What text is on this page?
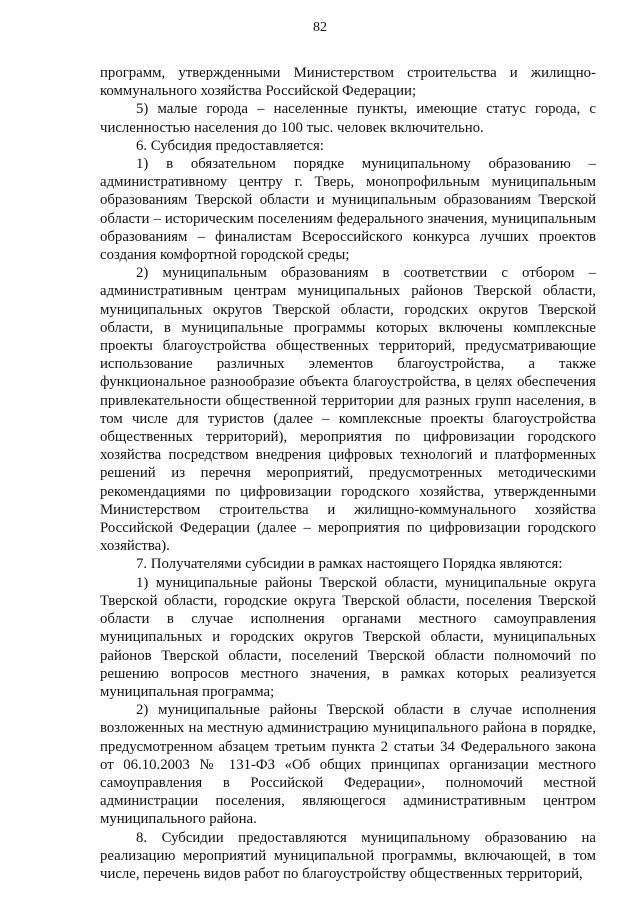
82

программ, утвержденными Министерством строительства и жилищно-коммунального хозяйства Российской Федерации;

5) малые города – населенные пункты, имеющие статус города, с численностью населения до 100 тыс. человек включительно.

6. Субсидия предоставляется:

1) в обязательном порядке муниципальному образованию – административному центру г. Тверь, монопрофильным муниципальным образованиям Тверской области и муниципальным образованиям Тверской области – историческим поселениям федерального значения, муниципальным образованиям – финалистам Всероссийского конкурса лучших проектов создания комфортной городской среды;

2) муниципальным образованиям в соответствии с отбором – административным центрам муниципальных районов Тверской области, муниципальных округов Тверской области, городских округов Тверской области, в муниципальные программы которых включены комплексные проекты благоустройства общественных территорий, предусматривающие использование различных элементов благоустройства, а также функциональное разнообразие объекта благоустройства, в целях обеспечения привлекательности общественной территории для разных групп населения, в том числе для туристов (далее – комплексные проекты благоустройства общественных территорий), мероприятия по цифровизации городского хозяйства посредством внедрения цифровых технологий и платформенных решений из перечня мероприятий, предусмотренных методическими рекомендациями по цифровизации городского хозяйства, утвержденными Министерством строительства и жилищно-коммунального хозяйства Российской Федерации (далее – мероприятия по цифровизации городского хозяйства).

7. Получателями субсидии в рамках настоящего Порядка являются:

1) муниципальные районы Тверской области, муниципальные округа Тверской области, городские округа Тверской области, поселения Тверской области в случае исполнения органами местного самоуправления муниципальных и городских округов Тверской области, муниципальных районов Тверской области, поселений Тверской области полномочий по решению вопросов местного значения, в рамках которых реализуется муниципальная программа;

2) муниципальные районы Тверской области в случае исполнения возложенных на местную администрацию муниципального района в порядке, предусмотренном абзацем третьим пункта 2 статьи 34 Федерального закона от 06.10.2003 № 131-ФЗ «Об общих принципах организации местного самоуправления в Российской Федерации», полномочий местной администрации поселения, являющегося административным центром муниципального района.

8. Субсидии предоставляются муниципальному образованию на реализацию мероприятий муниципальной программы, включающей, в том числе, перечень видов работ по благоустройству общественных территорий,
